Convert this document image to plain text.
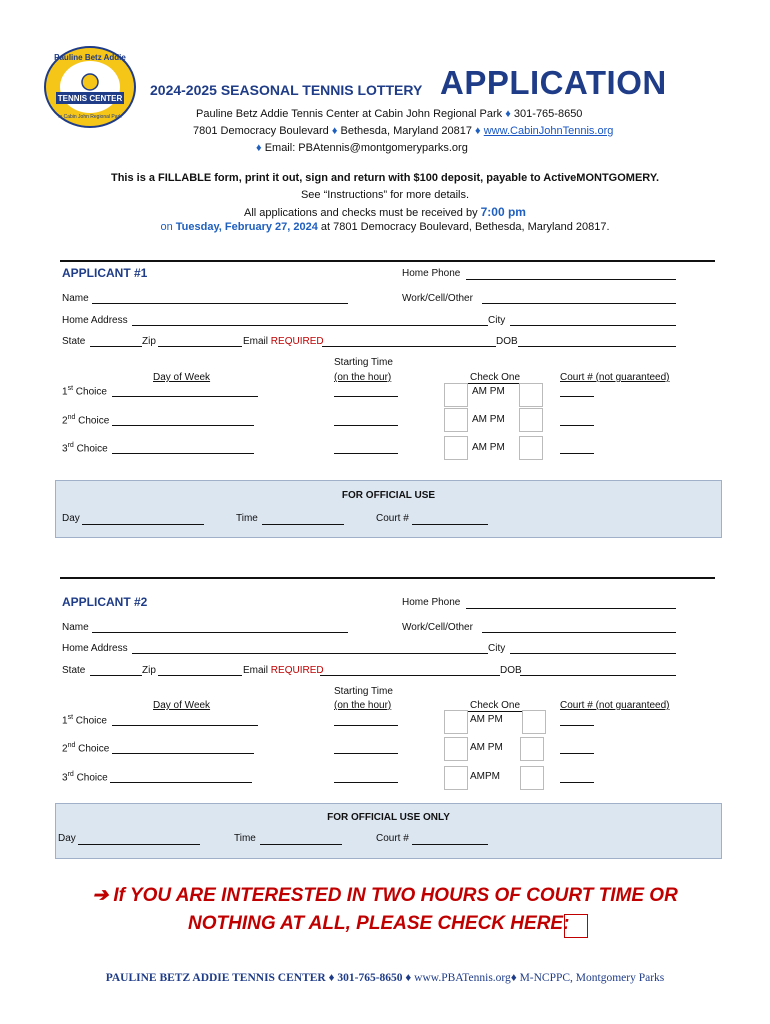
TENNIS CENTER
Pauline Betz Addie
in Cabin John Regional Park
2024-2025 SEASONAL TENNIS LOTTERY APPLICATION
Pauline Betz Addie Tennis Center at Cabin John Regional Park ♦ 301-765-8650
7801 Democracy Boulevard ♦ Bethesda, Maryland 20817 ♦ www.CabinJohnTennis.org
♦ Email: PBAtennis@montgomeryparks.org
This is a FILLABLE form, print it out, sign and return with $100 deposit, payable to ActiveMONTGOMERY.
See “Instructions” for more details.
All applications and checks must be received by 7:00 pm
on Tuesday, February 27, 2024 at 7801 Democracy Boulevard, Bethesda, Maryland 20817.
APPLICANT #1	Home Phone
Name	Work/Cell/Other
Home Address	City
State	Zip	Email REQUIRED	DOB
Starting Time
(on the hour)
Day of Week	Check One	Court # (not guaranteed)
1st Choice	AM PM
2nd Choice	AM PM
3rd Choice	AM PM
FOR OFFICIAL USE
Day	Time	Court #
APPLICANT #2	Home Phone
Name	Work/Cell/Other
Home Address	City
State	Zip	Email REQUIRED	DOB
Starting Time
(on the hour)
Day of Week	Check One	Court # (not guaranteed)
1st Choice	AM PM
2nd Choice	AM PM
3rd Choice	AMPM
FOR OFFICIAL USE ONLY
Day	Time	Court #
➔ If YOU ARE INTERESTED IN TWO HOURS OF COURT TIME OR
NOTHING AT ALL, PLEASE CHECK HERE:
PAULINE BETZ ADDIE TENNIS CENTER ♦ 301-765-8650 ♦ www.PBATennis.org♦ M-NCPPC, Montgomery Parks
